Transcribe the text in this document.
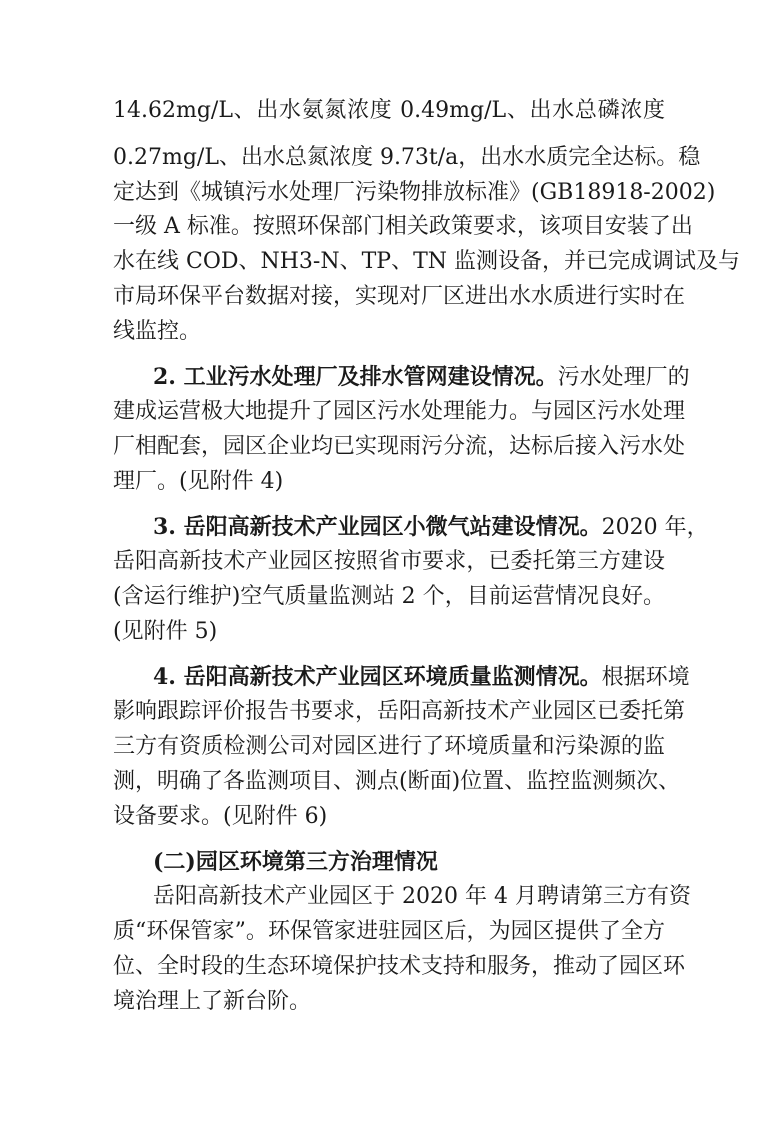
14.62mg/L、出水氨氮浓度 0.49mg/L、出水总磷浓度
0.27mg/L、出水总氮浓度 9.73t/a，出水水质完全达标。稳
定达到《城镇污水处理厂污染物排放标准》(GB18918-2002)
一级 A 标准。按照环保部门相关政策要求，该项目安装了出
水在线 COD、NH3-N、TP、TN 监测设备，并已完成调试及与
市局环保平台数据对接，实现对厂区进出水水质进行实时在
线监控。
2. 工业污水处理厂及排水管网建设情况。污水处理厂的
建成运营极大地提升了园区污水处理能力。与园区污水处理
厂相配套，园区企业均已实现雨污分流，达标后接入污水处
理厂。(见附件 4)
3. 岳阳高新技术产业园区小微气站建设情况。2020 年，
岳阳高新技术产业园区按照省市要求，已委托第三方建设
(含运行维护)空气质量监测站 2 个，目前运营情况良好。
(见附件 5)
4. 岳阳高新技术产业园区环境质量监测情况。根据环境
影响跟踪评价报告书要求，岳阳高新技术产业园区已委托第
三方有资质检测公司对园区进行了环境质量和污染源的监
测，明确了各监测项目、测点(断面)位置、监控监测频次、
设备要求。(见附件 6)
(二)园区环境第三方治理情况
岳阳高新技术产业园区于 2020 年 4 月聘请第三方有资
质“环保管家”。环保管家进驻园区后，为园区提供了全方
位、全时段的生态环境保护技术支持和服务，推动了园区环
境治理上了新台阶。
